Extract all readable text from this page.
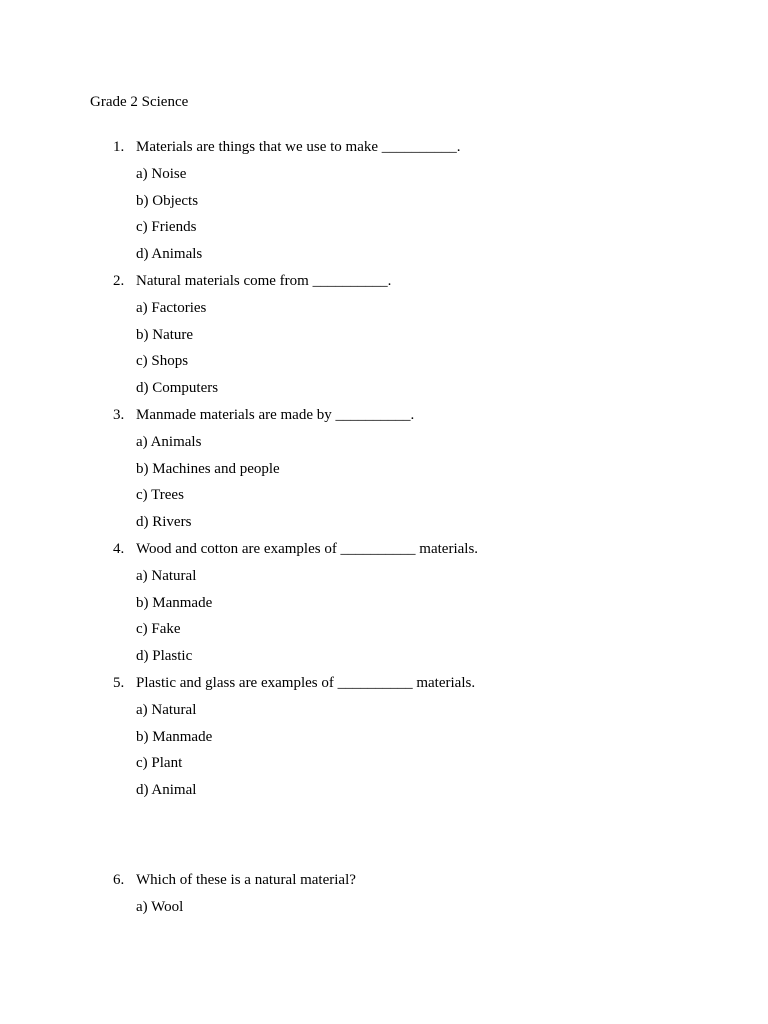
Grade 2 Science
1. Materials are things that we use to make __________.
a) Noise
b) Objects
c) Friends
d) Animals
2. Natural materials come from __________.
a) Factories
b) Nature
c) Shops
d) Computers
3. Manmade materials are made by __________.
a) Animals
b) Machines and people
c) Trees
d) Rivers
4. Wood and cotton are examples of __________ materials.
a) Natural
b) Manmade
c) Fake
d) Plastic
5. Plastic and glass are examples of __________ materials.
a) Natural
b) Manmade
c) Plant
d) Animal
6. Which of these is a natural material?
a) Wool
